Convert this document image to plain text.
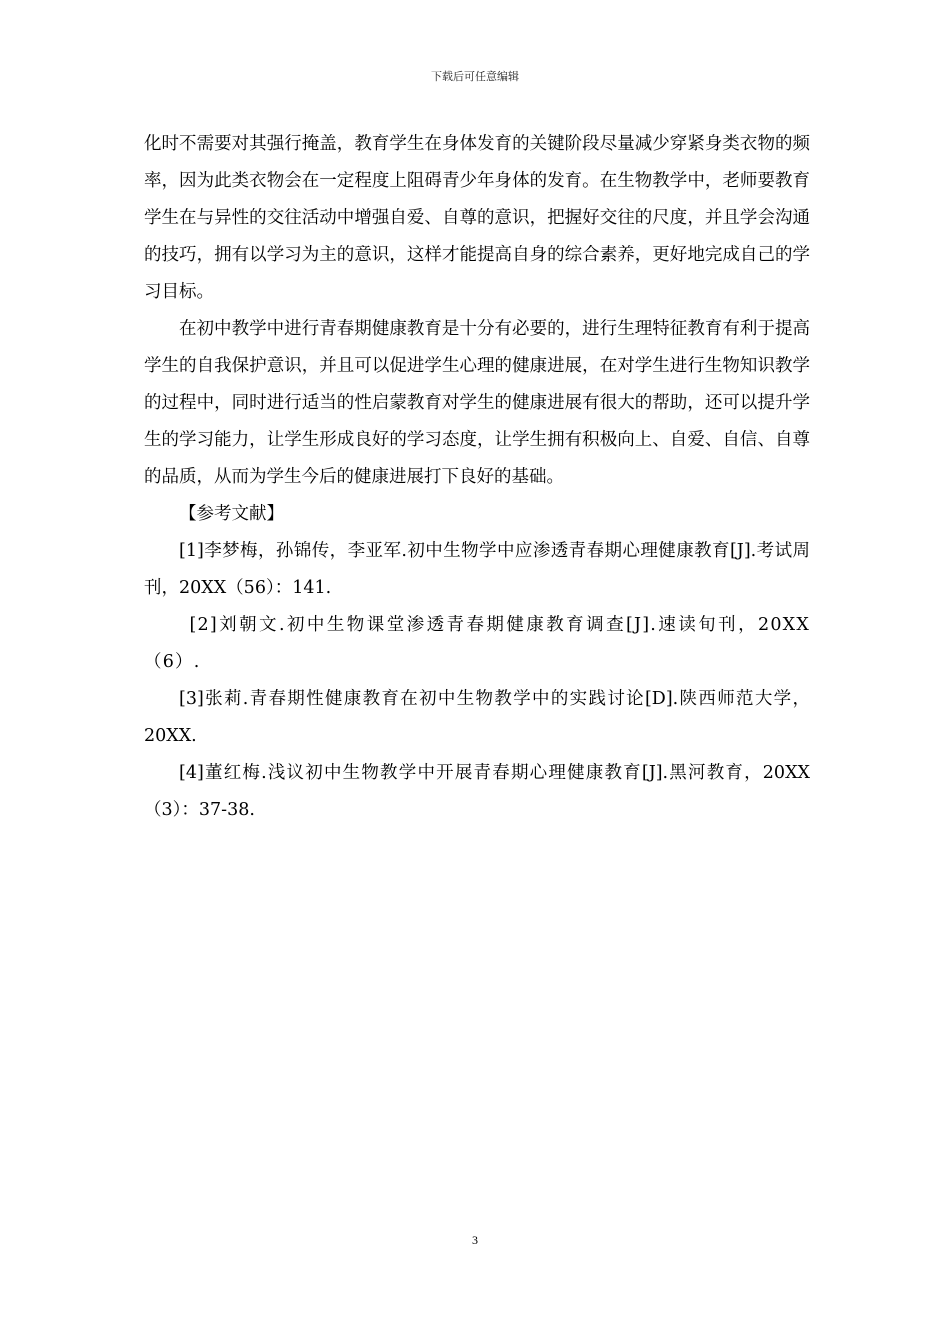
下载后可任意编辑

化时不需要对其强行掩盖，教育学生在身体发育的关键阶段尽量减少穿紧身类衣物的频率，因为此类衣物会在一定程度上阻碍青少年身体的发育。在生物教学中，老师要教育学生在与异性的交往活动中增强自爱、自尊的意识，把握好交往的尺度，并且学会沟通的技巧，拥有以学习为主的意识，这样才能提高自身的综合素养，更好地完成自己的学习目标。

在初中教学中进行青春期健康教育是十分有必要的，进行生理特征教育有利于提高学生的自我保护意识，并且可以促进学生心理的健康进展，在对学生进行生物知识教学的过程中，同时进行适当的性启蒙教育对学生的健康进展有很大的帮助，还可以提升学生的学习能力，让学生形成良好的学习态度，让学生拥有积极向上、自爱、自信、自尊的品质，从而为学生今后的健康进展打下良好的基础。

【参考文献】

[1]李梦梅，孙锦传，李亚军.初中生物学中应渗透青春期心理健康教育[J].考试周刊，20XX（56）：141.

[2]刘朝文.初中生物课堂渗透青春期健康教育调查[J].速读旬刊，20XX（6）.

[3]张莉.青春期性健康教育在初中生物教学中的实践讨论[D].陕西师范大学，20XX.

[4]董红梅.浅议初中生物教学中开展青春期心理健康教育[J].黑河教育，20XX（3）：37-38.

3
